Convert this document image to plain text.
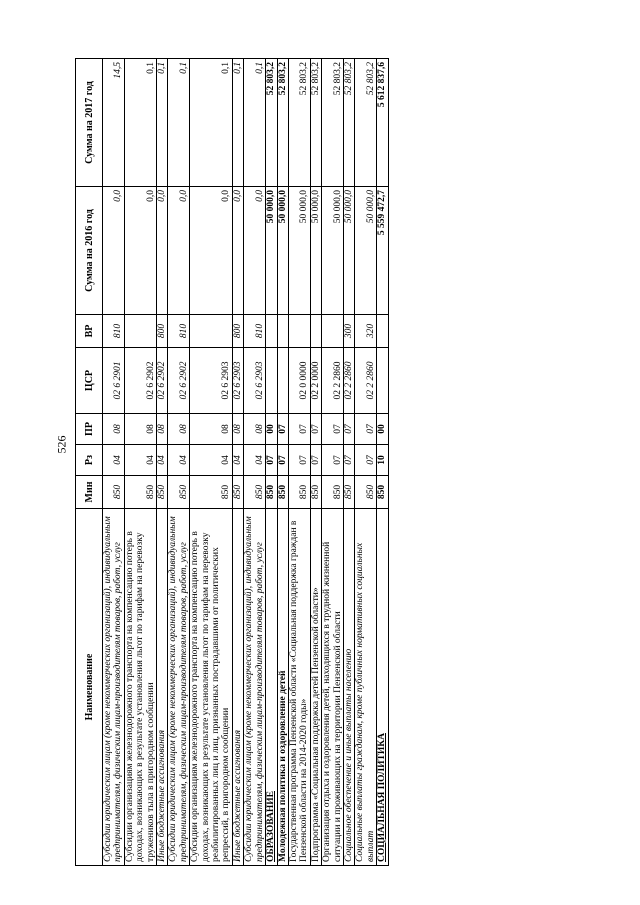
526
Наименование	Мин	Рз	ПР	ЦСР	ВР	Сумма на 2016 год	Сумма на 2017 год
Субсидии юридическим лицам (кроме некоммерческих организаций), индивидуальным предпринимателям, физическим лицам-производителям товаров, работ, услуг	850	04	08	02 6 2901	810	0,0	14,5
Субсидии организациям железнодорожного транспорта на компенсацию потерь в доходах, возникающих в результате установления льгот по тарифам на перевозку тружеников тыла в пригородном сообщении	850	04	08	02 6 2902		0,0	0,1
Иные бюджетные ассигнования	850	04	08	02 6 2902	800	0,0	0,1
Субсидии юридическим лицам (кроме некоммерческих организаций), индивидуальным предпринимателям, физическим лицам-производителям товаров, работ, услуг	850	04	08	02 6 2902	810	0,0	0,1
Субсидии организациям железнодорожного транспорта на компенсацию потерь в доходах, возникающих в результате установления льгот по тарифам на перевозку реабилитированных лиц и лиц, признанных пострадавшими от политических репрессий, в пригородном сообщении	850	04	08	02 6 2903		0,0	0,1
Иные бюджетные ассигнования	850	04	08	02 6 2903	800	0,0	0,1
Субсидии юридическим лицам (кроме некоммерческих организаций), индивидуальным предпринимателям, физическим лицам-производителям товаров, работ, услуг	850	04	08	02 6 2903	810	0,0	0,1
ОБРАЗОВАНИЕ	850	07	00			50 000,0	52 803,2
Молодежная политика и оздоровление детей	850	07	07			50 000,0	52 803,2
Государственная программа Пензенской области «Социальная поддержка граждан в Пензенской области на 2014-2020 годы»	850	07	07	02 0 0000		50 000,0	52 803,2
Подпрограмма «Социальная поддержка детей Пензенской области»	850	07	07	02 2 0000		50 000,0	52 803,2
Организация отдыха и оздоровления детей, находящихся в трудной жизненной ситуации и проживающих на территории Пензенской области	850	07	07	02 2 2860		50 000,0	52 803,2
Социальное обеспечение и иные выплаты населению	850	07	07	02 2 2860	300	50 000,0	52 803,2
Социальные выплаты гражданам, кроме публичных нормативных социальных выплат	850	07	07	02 2 2860	320	50 000,0	52 803,2
СОЦИАЛЬНАЯ ПОЛИТИКА	850	10	00			5 559 472,7	5 612 837,6
